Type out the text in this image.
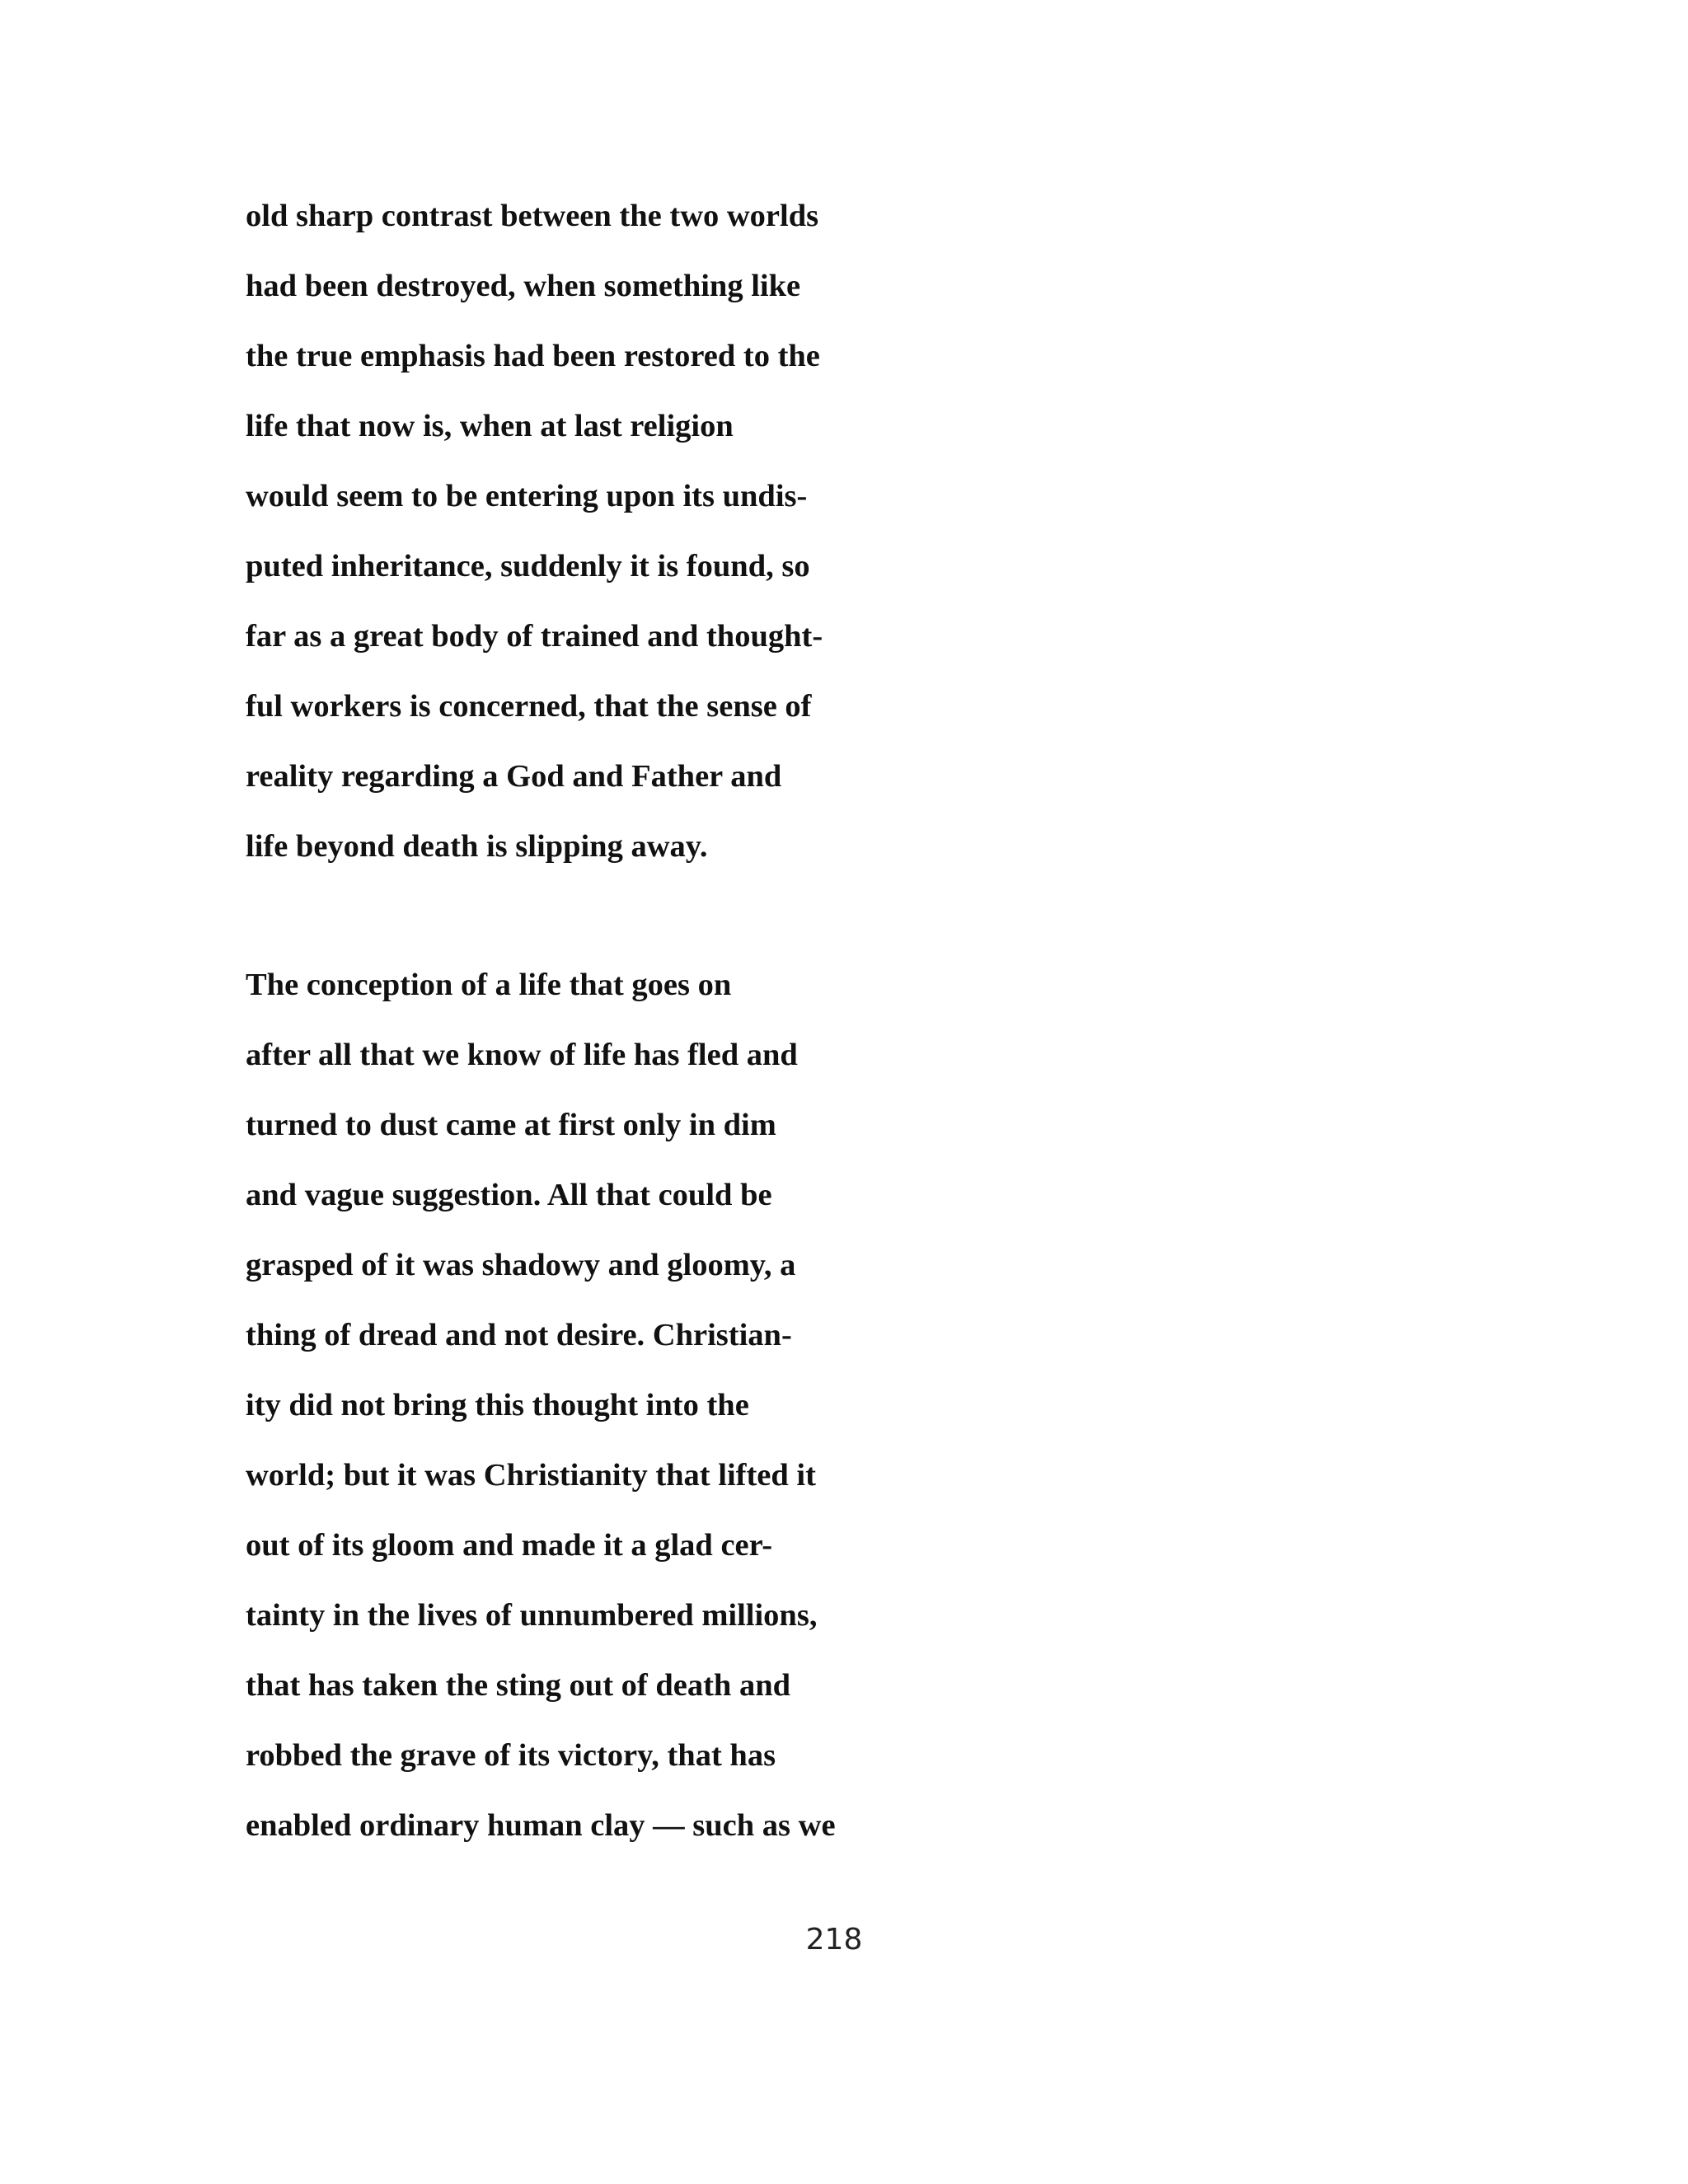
old sharp contrast between the two worlds
had been destroyed, when something like
the true emphasis had been restored to the
life that now is, when at last religion
would seem to be entering upon its undis-
puted inheritance, suddenly it is found, so
far as a great body of trained and thought-
ful workers is concerned, that the sense of
reality regarding a God and Father and
life beyond death is slipping away.
The conception of a life that goes on
after all that we know of life has fled and
turned to dust came at first only in dim
and vague suggestion. All that could be
grasped of it was shadowy and gloomy, a
thing of dread and not desire. Christian-
ity did not bring this thought into the
world; but it was Christianity that lifted it
out of its gloom and made it a glad cer-
tainty in the lives of unnumbered millions,
that has taken the sting out of death and
robbed the grave of its victory, that has
enabled ordinary human clay — such as we
218
